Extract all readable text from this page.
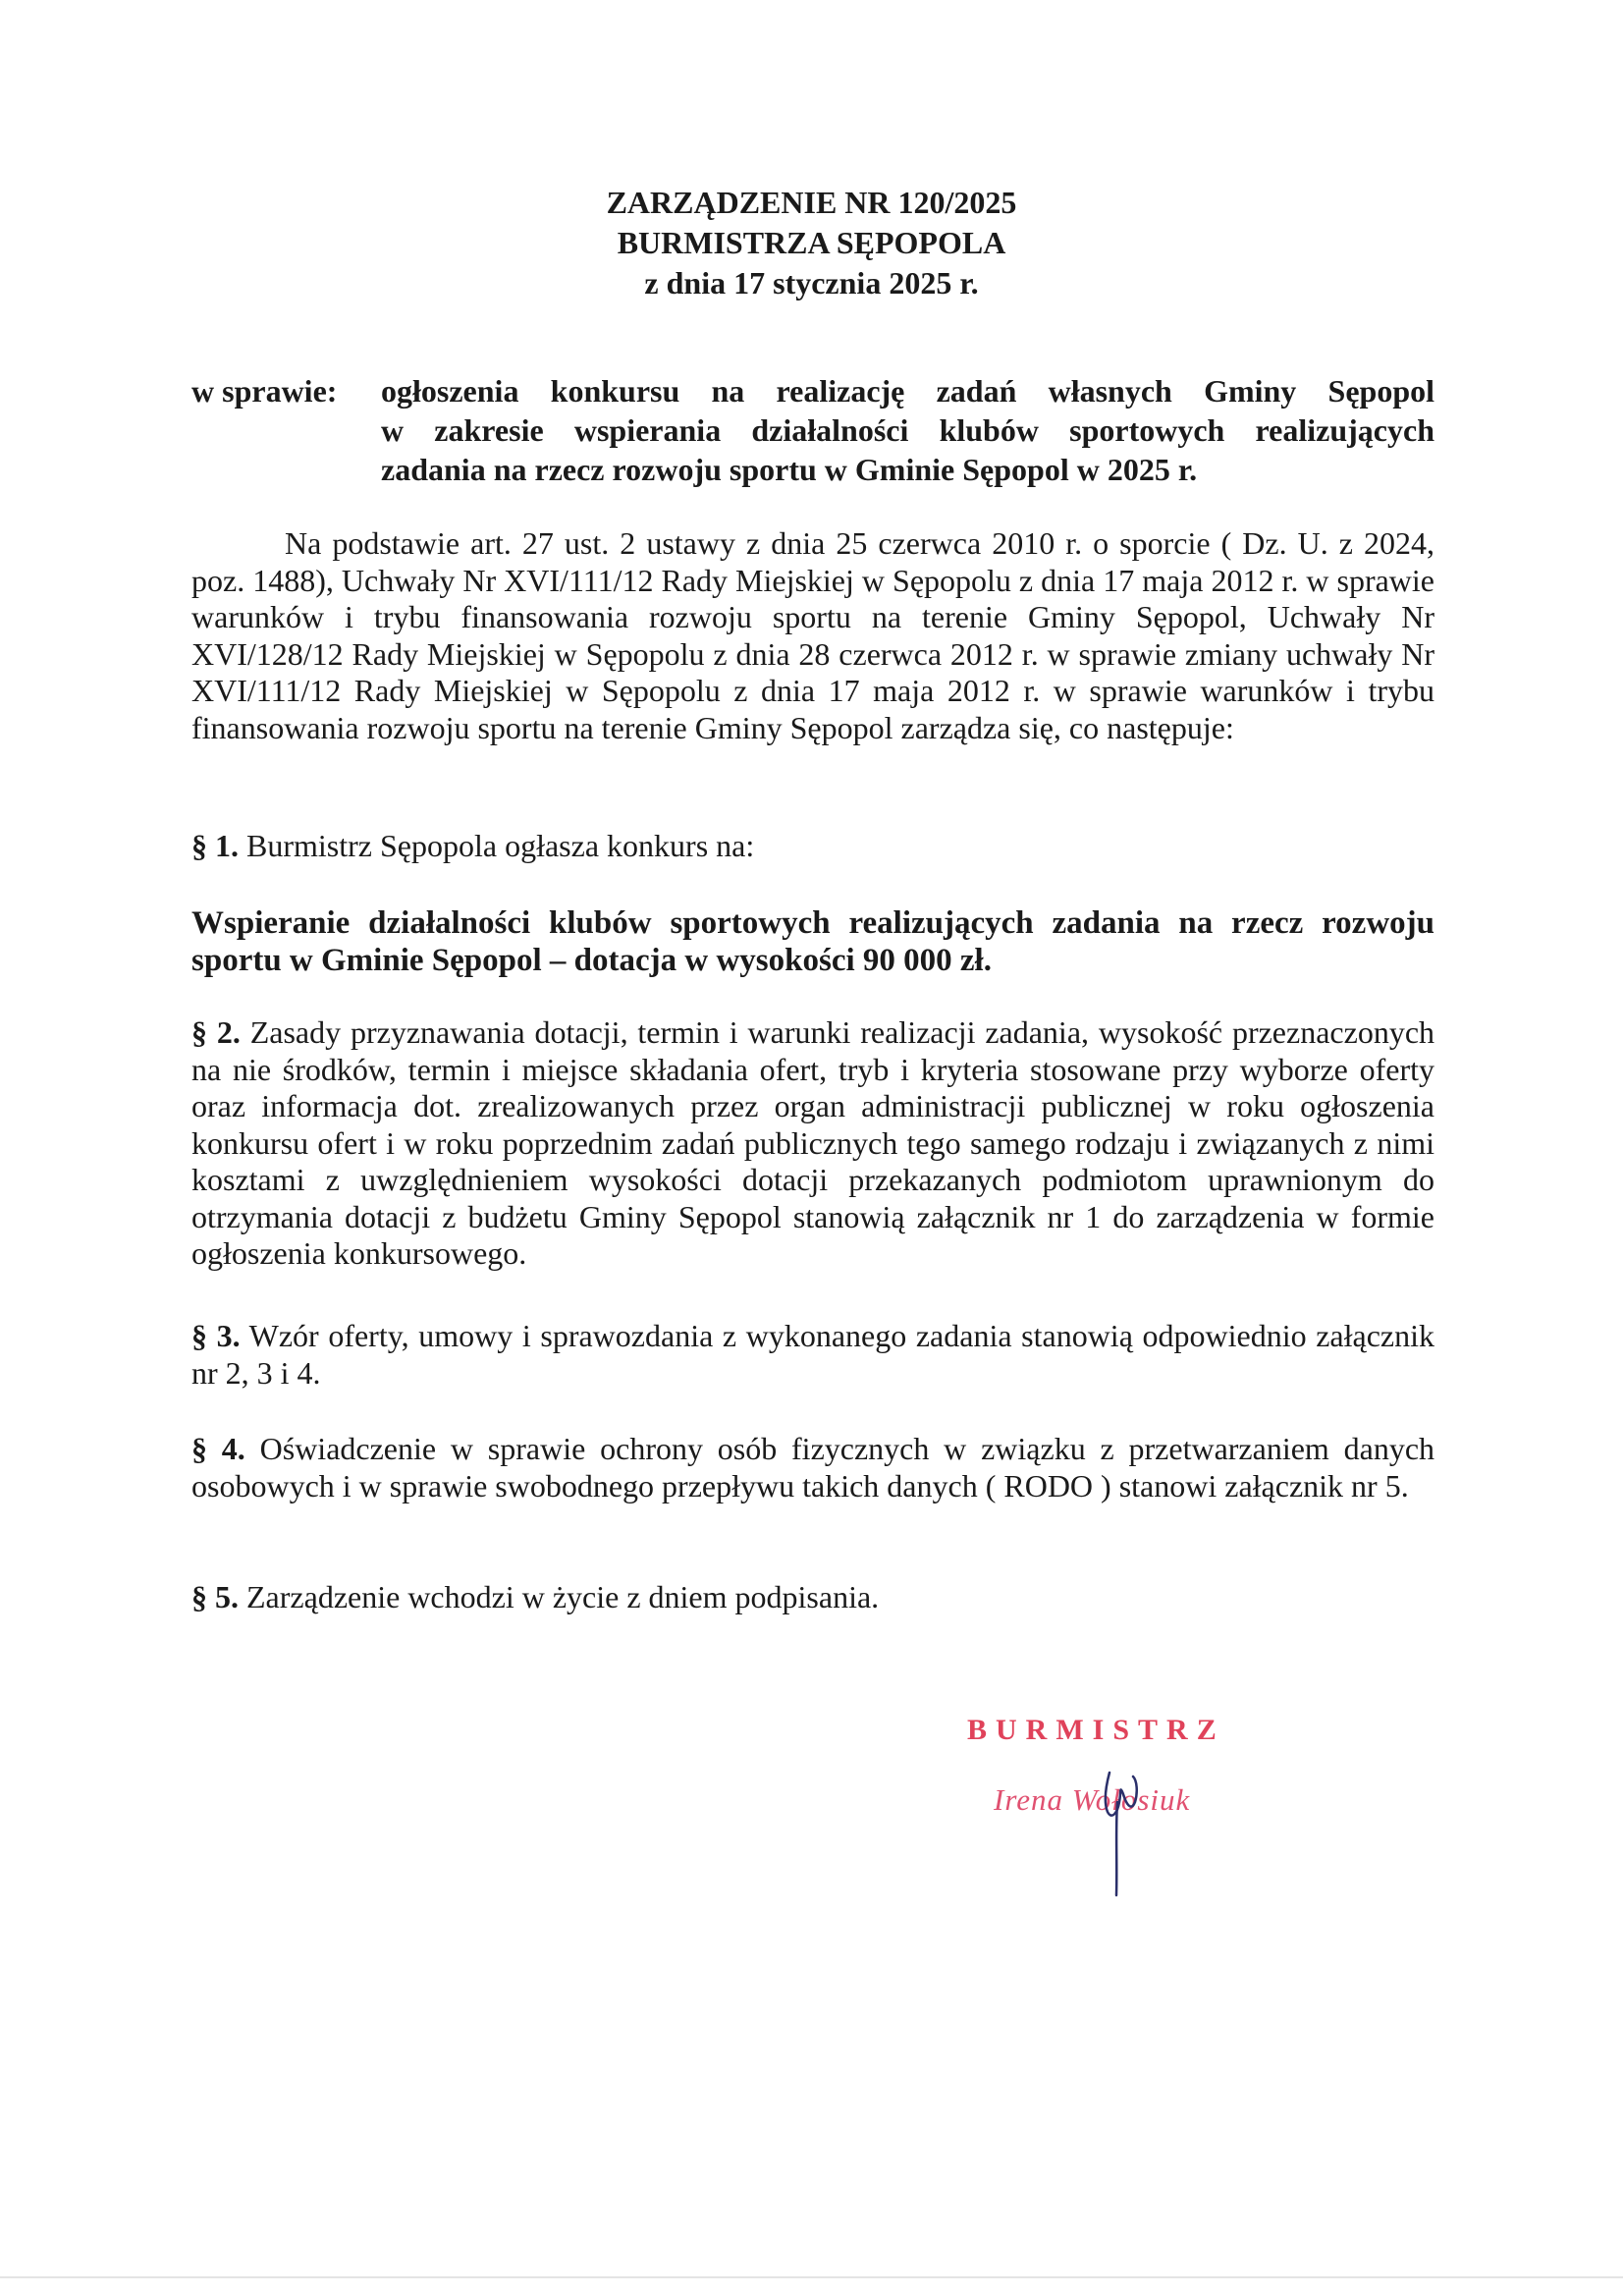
ZARZĄDZENIE NR 120/2025
BURMISTRZA SĘPOPOLA
z dnia 17 stycznia 2025 r.
w sprawie:	ogłoszenia konkursu na realizację zadań własnych Gminy Sępopol
w zakresie wspierania działalności klubów sportowych realizujących
zadania na rzecz rozwoju sportu w Gminie Sępopol w 2025 r.
Na podstawie art. 27 ust. 2 ustawy z dnia 25 czerwca 2010 r. o sporcie ( Dz. U. z 2024, poz. 1488), Uchwały Nr XVI/111/12 Rady Miejskiej w Sępopolu z dnia 17 maja 2012 r. w sprawie warunków i trybu finansowania rozwoju sportu na terenie Gminy Sępopol, Uchwały Nr XVI/128/12 Rady Miejskiej w Sępopolu z dnia 28 czerwca 2012 r. w sprawie zmiany uchwały Nr XVI/111/12 Rady Miejskiej w Sępopolu z dnia 17 maja 2012 r. w sprawie warunków i trybu finansowania rozwoju sportu na terenie Gminy Sępopol zarządza się, co następuje:
§ 1. Burmistrz Sępopola ogłasza konkurs na:
Wspieranie działalności klubów sportowych realizujących zadania na rzecz rozwoju sportu w Gminie Sępopol – dotacja w wysokości 90 000 zł.
§ 2. Zasady przyznawania dotacji, termin i warunki realizacji zadania, wysokość przeznaczonych na nie środków, termin i miejsce składania ofert, tryb i kryteria stosowane przy wyborze oferty oraz informacja dot. zrealizowanych przez organ administracji publicznej w roku ogłoszenia konkursu ofert i w roku poprzednim zadań publicznych tego samego rodzaju i związanych z nimi kosztami z uwzględnieniem wysokości dotacji przekazanych podmiotom uprawnionym do otrzymania dotacji z budżetu Gminy Sępopol stanowią załącznik nr 1 do zarządzenia w formie ogłoszenia konkursowego.
§ 3. Wzór oferty, umowy i sprawozdania z wykonanego zadania stanowią odpowiednio załącznik nr 2, 3 i 4.
§ 4. Oświadczenie w sprawie ochrony osób fizycznych w związku z przetwarzaniem danych osobowych i w sprawie swobodnego przepływu takich danych ( RODO ) stanowi załącznik nr 5.
§ 5. Zarządzenie wchodzi w życie z dniem podpisania.
BURMISTRZ
Irena Wołosiuk
